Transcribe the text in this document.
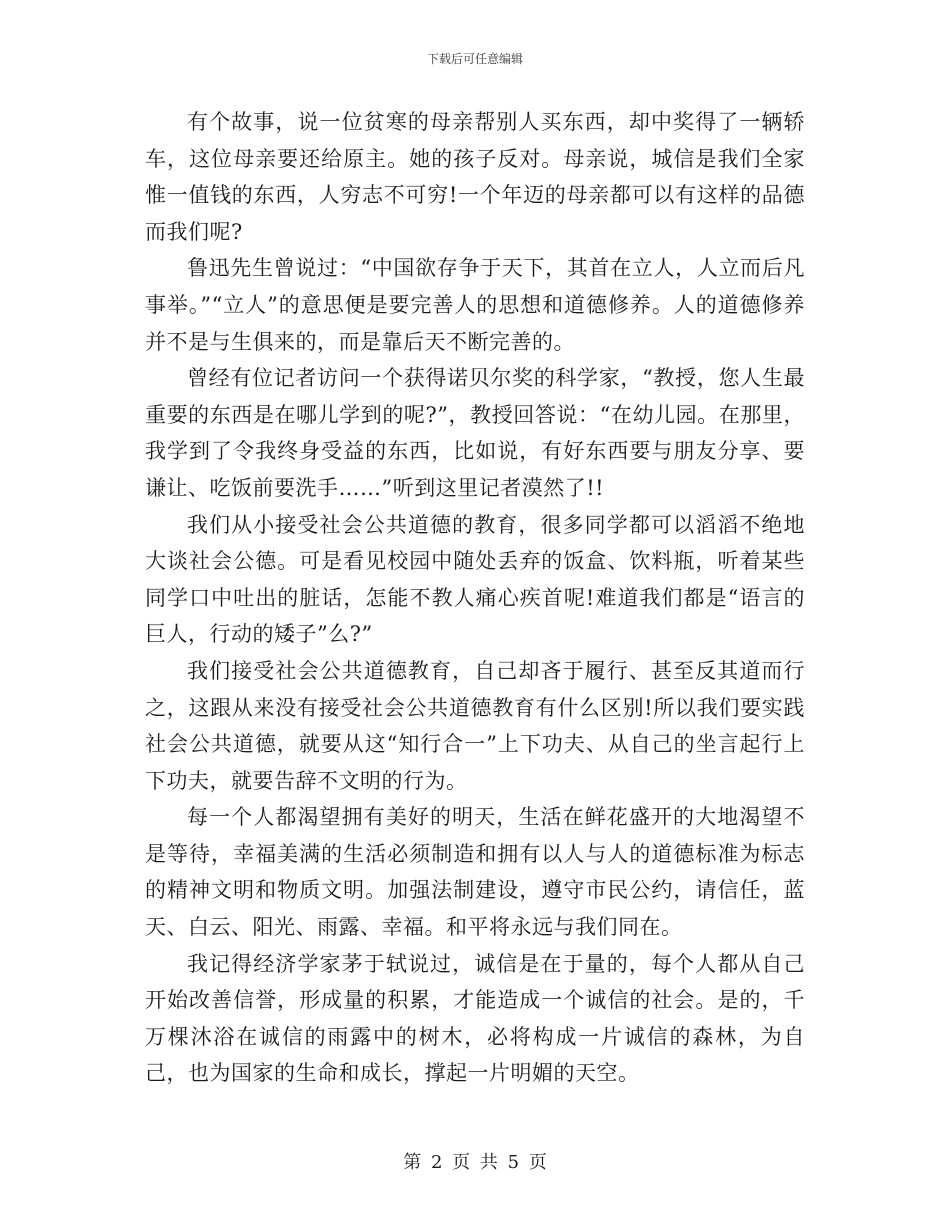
下载后可任意编辑

有个故事，说一位贫寒的母亲帮别人买东西，却中奖得了一辆轿车，这位母亲要还给原主。她的孩子反对。母亲说，城信是我们全家惟一值钱的东西，人穷志不可穷!一个年迈的母亲都可以有这样的品德而我们呢?

鲁迅先生曾说过：“中国欲存争于天下，其首在立人，人立而后凡事举。”“立人”的意思便是要完善人的思想和道德修养。人的道德修养并不是与生俱来的，而是靠后天不断完善的。

曾经有位记者访问一个获得诺贝尔奖的科学家，“教授，您人生最重要的东西是在哪儿学到的呢?”，教授回答说：“在幼儿园。在那里，我学到了令我终身受益的东西，比如说，有好东西要与朋友分享、要谦让、吃饭前要洗手……”听到这里记者漠然了!!

我们从小接受社会公共道德的教育，很多同学都可以滔滔不绝地大谈社会公德。可是看见校园中随处丢弃的饭盒、饮料瓶，听着某些同学口中吐出的脏话，怎能不教人痛心疾首呢!难道我们都是“语言的巨人，行动的矮子”么?”

我们接受社会公共道德教育，自己却吝于履行、甚至反其道而行之，这跟从来没有接受社会公共道德教育有什么区别!所以我们要实践社会公共道德，就要从这“知行合一”上下功夫、从自己的坐言起行上下功夫，就要告辞不文明的行为。

每一个人都渴望拥有美好的明天，生活在鲜花盛开的大地渴望不是等待，幸福美满的生活必须制造和拥有以人与人的道德标准为标志的精神文明和物质文明。加强法制建设，遵守市民公约，请信任，蓝天、白云、阳光、雨露、幸福。和平将永远与我们同在。

我记得经济学家茅于轼说过，诚信是在于量的，每个人都从自己开始改善信誉，形成量的积累，才能造成一个诚信的社会。是的，千万棵沐浴在诚信的雨露中的树木，必将构成一片诚信的森林，为自己，也为国家的生命和成长，撑起一片明媚的天空。

第 2 页 共 5 页
